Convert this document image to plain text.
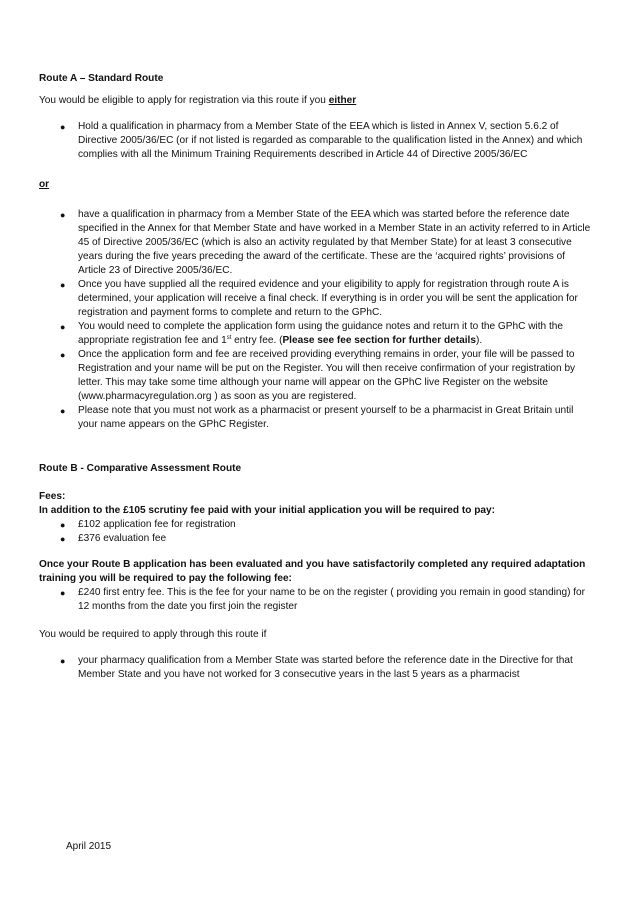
Route A – Standard Route

You would be eligible to apply for registration via this route if you either

● Hold a qualification in pharmacy from a Member State of the EEA which is listed in Annex V, section 5.6.2 of Directive 2005/36/EC (or if not listed is regarded as comparable to the qualification listed in the Annex) and which complies with all the Minimum Training Requirements described in Article 44 of Directive 2005/36/EC

or

● have a qualification in pharmacy from a Member State of the EEA which was started before the reference date specified in the Annex for that Member State and have worked in a Member State in an activity referred to in Article 45 of Directive 2005/36/EC (which is also an activity regulated by that Member State) for at least 3 consecutive years during the five years preceding the award of the certificate. These are the ‘acquired rights’ provisions of Article 23 of Directive 2005/36/EC.
● Once you have supplied all the required evidence and your eligibility to apply for registration through route A is determined, your application will receive a final check. If everything is in order you will be sent the application for registration and payment forms to complete and return to the GPhC.
● You would need to complete the application form using the guidance notes and return it to the GPhC with the appropriate registration fee and 1st entry fee. (Please see fee section for further details).
● Once the application form and fee are received providing everything remains in order, your file will be passed to Registration and your name will be put on the Register. You will then receive confirmation of your registration by letter. This may take some time although your name will appear on the GPhC live Register on the website (www.pharmacyregulation.org ) as soon as you are registered.
● Please note that you must not work as a pharmacist or present yourself to be a pharmacist in Great Britain until your name appears on the GPhC Register.

Route B - Comparative Assessment Route

Fees:

In addition to the £105 scrutiny fee paid with your initial application you will be required to pay:

● £102 application fee for registration
● £376 evaluation fee

Once your Route B application has been evaluated and you have satisfactorily completed any required adaptation training you will be required to pay the following fee:

● £240 first entry fee. This is the fee for your name to be on the register ( providing you remain in good standing) for 12 months from the date you first join the register

You would be required to apply through this route if

● your pharmacy qualification from a Member State was started before the reference date in the Directive for that Member State and you have not worked for 3 consecutive years in the last 5 years as a pharmacist
April 2015
